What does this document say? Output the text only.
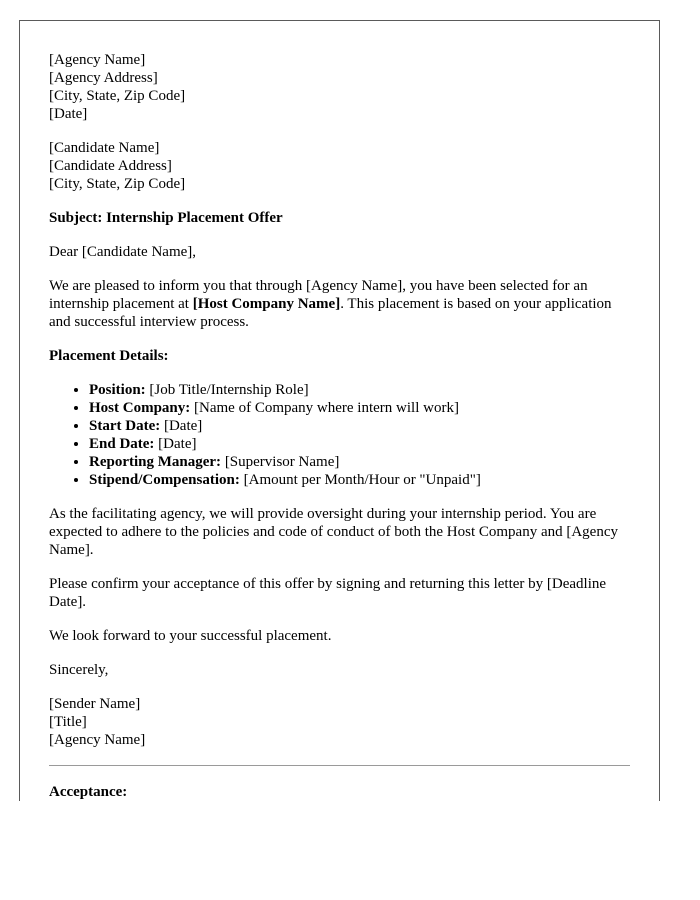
[Agency Name]
[Agency Address]
[City, State, Zip Code]
[Date]
[Candidate Name]
[Candidate Address]
[City, State, Zip Code]

Subject: Internship Placement Offer

Dear [Candidate Name],

We are pleased to inform you that through [Agency Name], you have been selected for an internship placement at [Host Company Name]. This placement is based on your application and successful interview process.

Placement Details:

• Position: [Job Title/Internship Role]
• Host Company: [Name of Company where intern will work]
• Start Date: [Date]
• End Date: [Date]
• Reporting Manager: [Supervisor Name]
• Stipend/Compensation: [Amount per Month/Hour or "Unpaid"]

As the facilitating agency, we will provide oversight during your internship period. You are expected to adhere to the policies and code of conduct of both the Host Company and [Agency Name].

Please confirm your acceptance of this offer by signing and returning this letter by [Deadline Date].

We look forward to your successful placement.

Sincerely,

[Sender Name]
[Title]
[Agency Name]

Acceptance:
